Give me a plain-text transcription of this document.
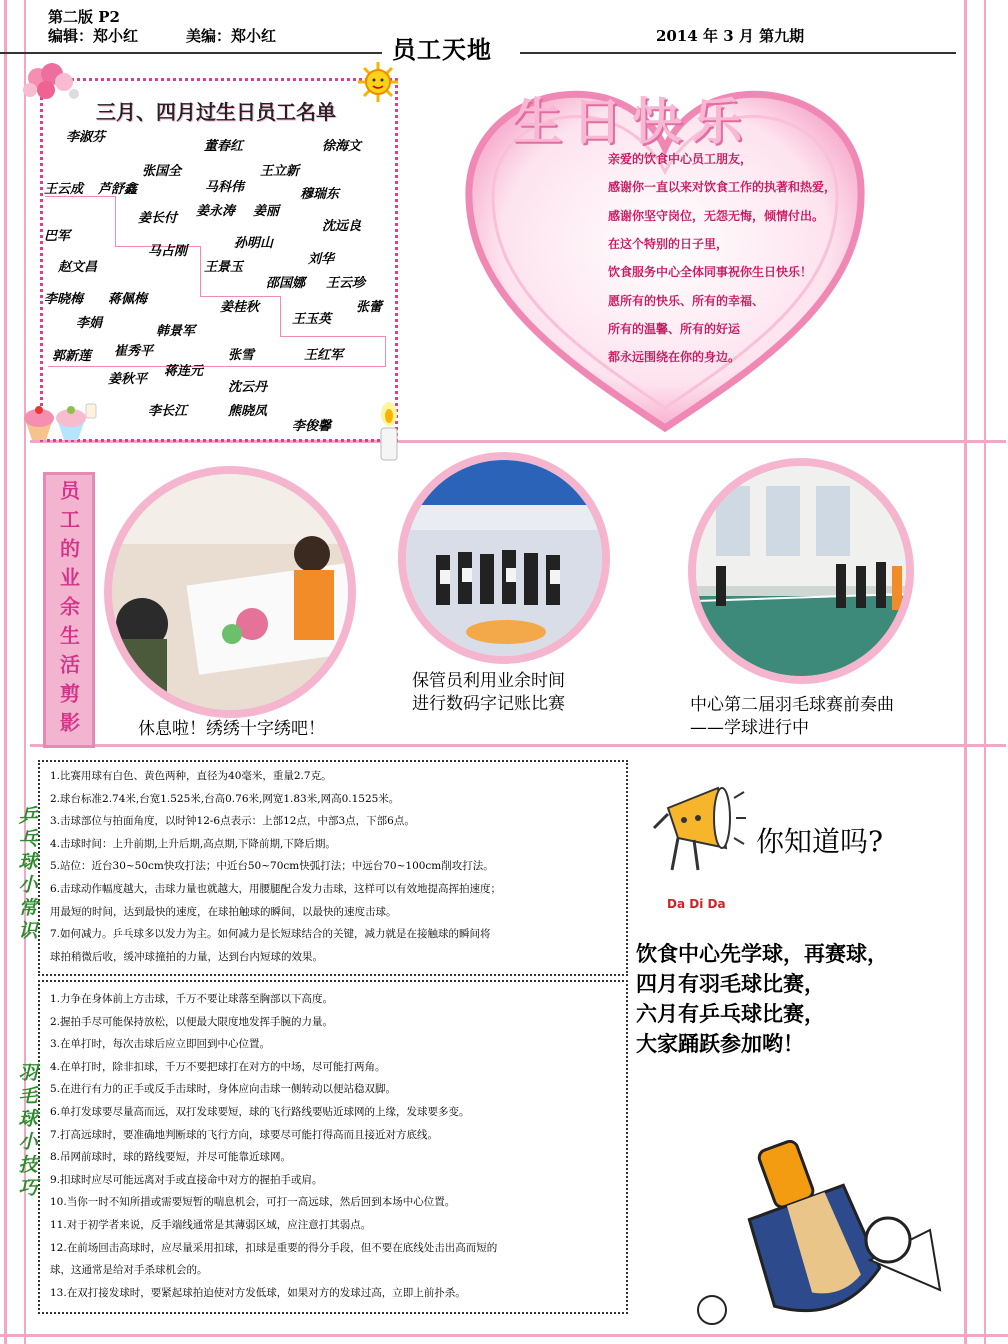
第二版 P2
编辑：郑小红	美编：郑小红	2014 年 3 月 第九期
员工天地
三月、四月过生日员工名单
李淑芬
董春红	徐海文
张国全	王立新
王云成 芦舒鑫	马科伟	穆瑞东
姜长付 姜永涛 姜丽
沈远良
巴军	孙明山
马占刚
刘华
赵文昌	王景玉
邵国娜 王云珍
李晓梅 蒋佩梅
姜桂秋	张蕾
李娟	王玉英
韩景军
郭新莲 崔秀平	张雪	王红军
姜秋平
蒋连元
沈云丹
李长江	熊晓凤
李俊馨
生日快乐
亲爱的饮食中心员工朋友，
感谢你一直以来对饮食工作的执著和热爱，
感谢你坚守岗位，无怨无悔，倾情付出。
在这个特别的日子里，
饮食服务中心全体同事祝你生日快乐！
愿所有的快乐、所有的幸福、
所有的温馨、所有的好运
都永远围绕在你的身边。
员工的业余生活剪影	休息啦！绣绣十字绣吧！
保管员利用业余时间
进行数码字记账比赛	中心第二届羽毛球赛前奏曲
——学球进行中
乒
乓
球
小
常
识
羽
毛
球
小
技
巧
1.比赛用球有白色、黄色两种，直径为40毫米，重量2.7克。
2.球台标准2.74米,台宽1.525米,台高0.76米,网宽1.83米,网高0.1525米。
3.击球部位与拍面角度，以时钟12-6点表示：上部12点，中部3点，下部6点。
4.击球时间：上升前期,上升后期,高点期,下降前期,下降后期。
5.站位：近台30~50cm快攻打法；中近台50~70cm快弧打法；中远台70~100cm削攻打法。
6.击球动作幅度越大，击球力量也就越大，用腰腿配合发力击球，这样可以有效地提高挥拍速度；
用最短的时间，达到最快的速度，在球拍触球的瞬间，以最快的速度击球。
7.如何减力。乒乓球多以发力为主。如何减力是长短球结合的关键，减力就是在接触球的瞬间将
球拍稍微后收，缓冲球撞拍的力量，达到台内短球的效果。
1.力争在身体前上方击球，千万不要让球落至胸部以下高度。
2.握拍手尽可能保持放松，以便最大限度地发挥手腕的力量。
3.在单打时，每次击球后应立即回到中心位置。
4.在单打时，除非扣球，千万不要把球打在对方的中场，尽可能打两角。
5.在进行有力的正手或反手击球时，身体应向击球一侧转动以便站稳双脚。
6.单打发球要尽量高而远，双打发球要短，球的飞行路线要贴近球网的上缘，发球要多变。
7.打高远球时，要准确地判断球的飞行方向，球要尽可能打得高而且接近对方底线。
8.吊网前球时，球的路线要短，并尽可能靠近球网。
9.扣球时应尽可能远离对手或直接命中对方的握拍手或肩。
10.当你一时不知所措或需要短暂的喘息机会，可打一高远球，然后回到本场中心位置。
11.对于初学者来说，反手端线通常是其薄弱区域，应注意打其弱点。
12.在前场回击高球时，应尽量采用扣球，扣球是重要的得分手段，但不要在底线处击出高而短的
球，这通常是给对手杀球机会的。
13.在双打接发球时，要紧起球拍迫使对方发低球，如果对方的发球过高，立即上前扑杀。
Da Di Da
你知道吗?
饮食中心先学球，再赛球，
四月有羽毛球比赛，
六月有乒乓球比赛，
大家踊跃参加哟！
